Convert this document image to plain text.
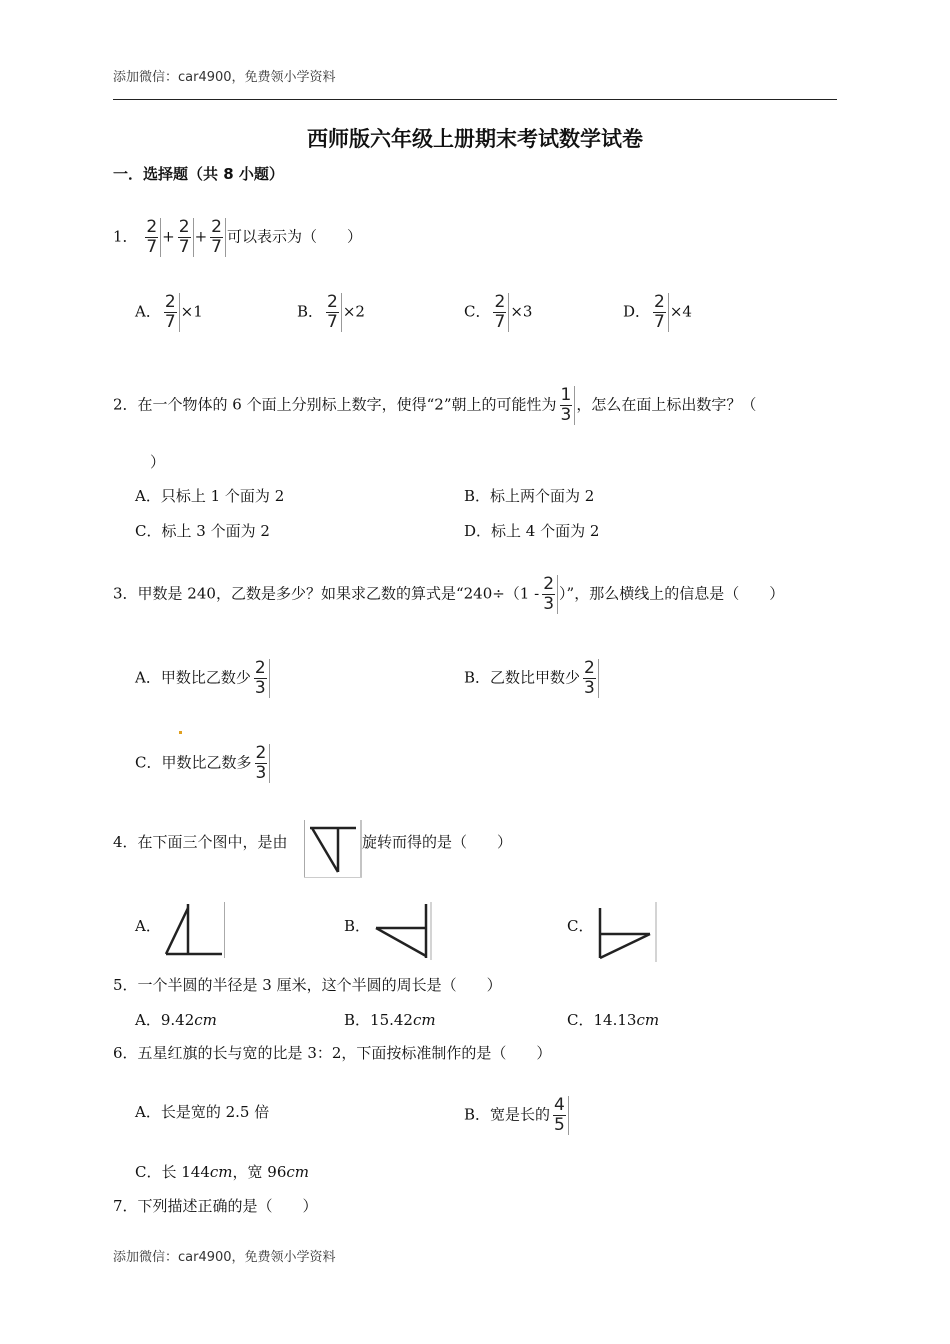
添加微信：car4900，免费领小学资料
西师版六年级上册期末考试数学试卷
一．选择题（共 8 小题）
1． $\frac{2}{7} + \frac{2}{7} + \frac{2}{7}$ 可以表示为（　　）
A． $\frac{2}{7} \times 1$	B． $\frac{2}{7} \times 2$	C． $\frac{2}{7} \times 3$	D． $\frac{2}{7} \times 4$
2．在一个物体的 6 个面上分别标上数字，使得“2”朝上的可能性为 $\frac{1}{3}$ ，怎么在面上标出数字？（
）
A．只标上 1 个面为 2	B．标上两个面为 2
C．标上 3 个面为 2	D．标上 4 个面为 2
3．甲数是 240，乙数是多少？如果求乙数的算式是“$240\div(1 - \frac{2}{3}$ ）”，那么横线上的信息是（　　）
A．甲数比乙数少 $\frac{2}{3}$	B．乙数比甲数少 $\frac{2}{3}$
C．甲数比乙数多 $\frac{2}{3}$
4．在下面三个图中，是由	旋转而得的是（　　）
A．	B．	C．
5．一个半圆的半径是 3 厘米，这个半圆的周长是（　　）
A．9.42cm	B．15.42cm	C．14.13cm
6．五星红旗的长与宽的比是 3：2，下面按标准制作的是（　　）
A．长是宽的 2.5 倍	B．宽是长的 $\frac{4}{5}$
C．长 144cm，宽 96cm
7．下列描述正确的是（　　）
添加微信：car4900，免费领小学资料
